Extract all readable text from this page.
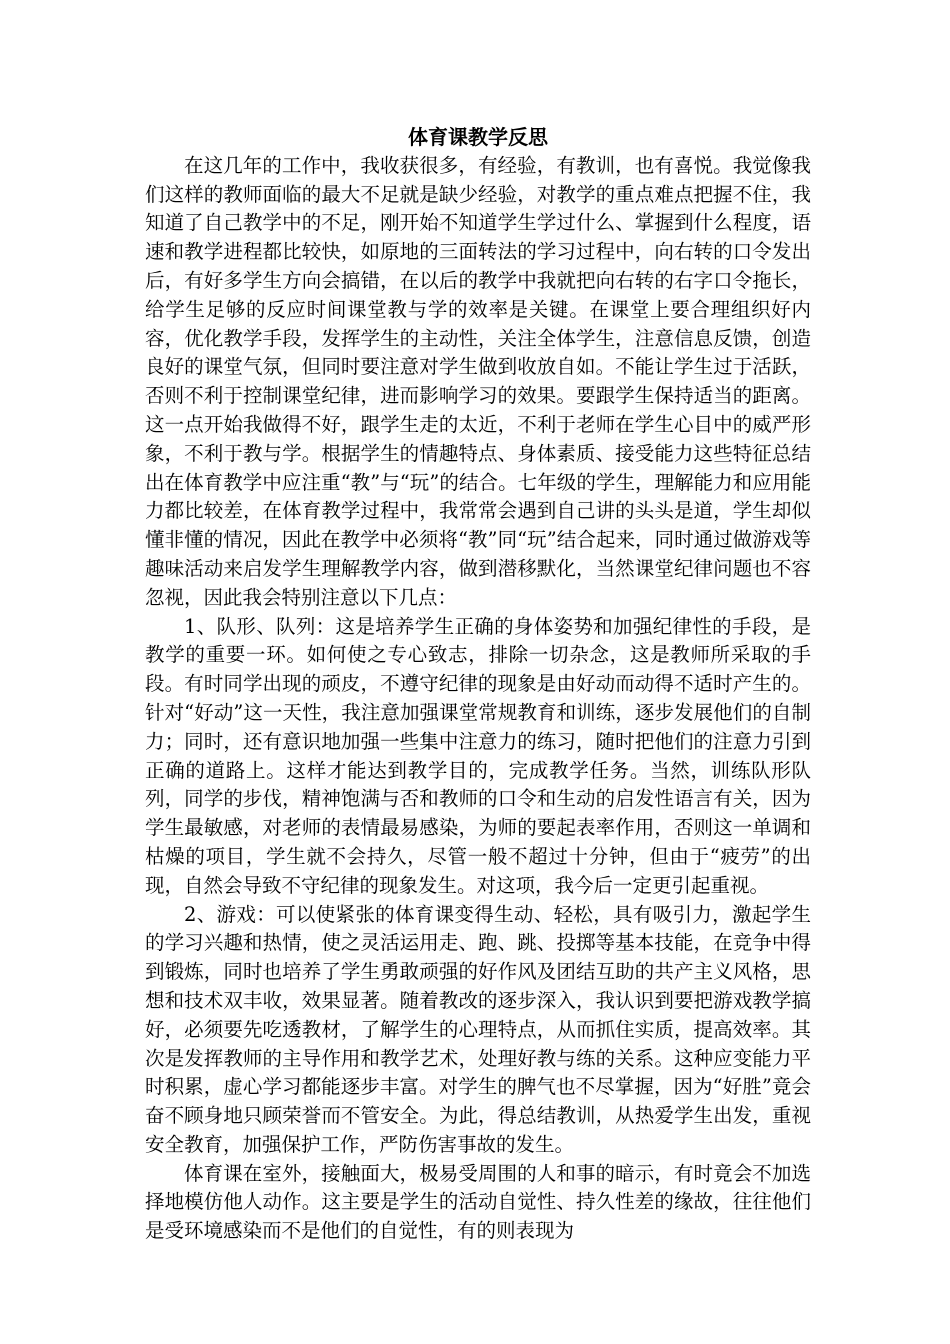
体育课教学反思

在这几年的工作中，我收获很多，有经验，有教训，也有喜悦。我觉像我们这样的教师面临的最大不足就是缺少经验，对教学的重点难点把握不住，我知道了自己教学中的不足，刚开始不知道学生学过什么、掌握到什么程度，语速和教学进程都比较快，如原地的三面转法的学习过程中，向右转的口令发出后，有好多学生方向会搞错，在以后的教学中我就把向右转的右字口令拖长，给学生足够的反应时间课堂教与学的效率是关键。在课堂上要合理组织好内容，优化教学手段，发挥学生的主动性，关注全体学生，注意信息反馈，创造良好的课堂气氛，但同时要注意对学生做到收放自如。不能让学生过于活跃，否则不利于控制课堂纪律，进而影响学习的效果。要跟学生保持适当的距离。这一点开始我做得不好，跟学生走的太近，不利于老师在学生心目中的威严形象，不利于教与学。根据学生的情趣特点、身体素质、接受能力这些特征总结出在体育教学中应注重“教”与“玩”的结合。七年级的学生，理解能力和应用能力都比较差，在体育教学过程中，我常常会遇到自己讲的头头是道，学生却似懂非懂的情况，因此在教学中必须将“教”同“玩”结合起来，同时通过做游戏等趣味活动来启发学生理解教学内容，做到潜移默化，当然课堂纪律问题也不容忽视，因此我会特别注意以下几点：

1、队形、队列：这是培养学生正确的身体姿势和加强纪律性的手段，是教学的重要一环。如何使之专心致志，排除一切杂念，这是教师所采取的手段。有时同学出现的顽皮，不遵守纪律的现象是由好动而动得不适时产生的。针对“好动”这一天性，我注意加强课堂常规教育和训练，逐步发展他们的自制力；同时，还有意识地加强一些集中注意力的练习，随时把他们的注意力引到正确的道路上。这样才能达到教学目的，完成教学任务。当然，训练队形队列，同学的步伐，精神饱满与否和教师的口令和生动的启发性语言有关，因为学生最敏感，对老师的表情最易感染，为师的要起表率作用，否则这一单调和枯燥的项目，学生就不会持久，尽管一般不超过十分钟，但由于“疲劳”的出现，自然会导致不守纪律的现象发生。对这项，我今后一定更引起重视。

2、游戏：可以使紧张的体育课变得生动、轻松，具有吸引力，激起学生的学习兴趣和热情，使之灵活运用走、跑、跳、投掷等基本技能，在竞争中得到锻炼，同时也培养了学生勇敢顽强的好作风及团结互助的共产主义风格，思想和技术双丰收，效果显著。随着教改的逐步深入，我认识到要把游戏教学搞好，必须要先吃透教材，了解学生的心理特点，从而抓住实质，提高效率。其次是发挥教师的主导作用和教学艺术，处理好教与练的关系。这种应变能力平时积累，虚心学习都能逐步丰富。对学生的脾气也不尽掌握，因为“好胜”竟会奋不顾身地只顾荣誉而不管安全。为此，得总结教训，从热爱学生出发，重视安全教育，加强保护工作，严防伤害事故的发生。

体育课在室外，接触面大，极易受周围的人和事的暗示，有时竟会不加选择地模仿他人动作。这主要是学生的活动自觉性、持久性差的缘故，往往他们是受环境感染而不是他们的自觉性，有的则表现为
